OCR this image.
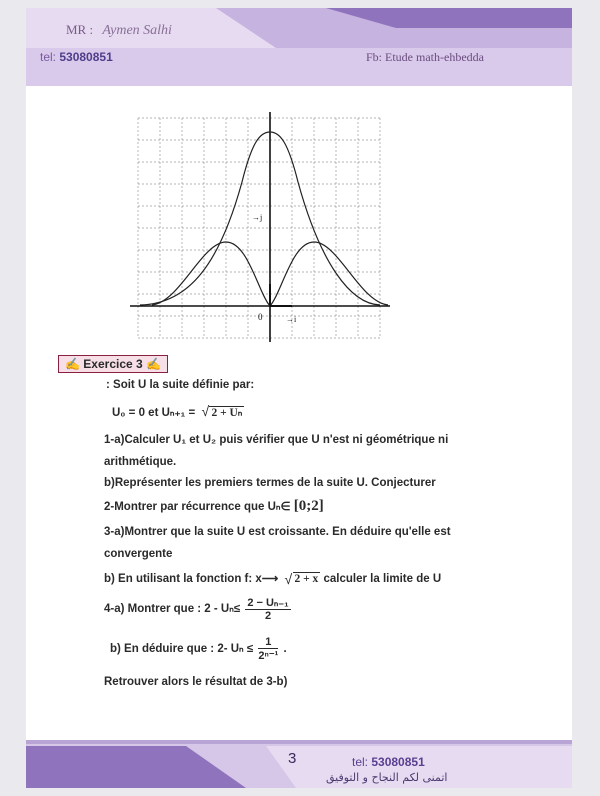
MR : Aymen Salhi
tel: 53080851	Fb: Etude math-ehbedda
0	→i
→j
✍ Exercice 3 ✍
: Soit U la suite définie par:
U₀ = 0 et Uₙ₊₁ = √ 2 + Uₙ
1-a)Calculer U₁ et U₂ puis vérifier que U n'est ni géométrique ni
arithmétique.
b)Représenter les premiers termes de la suite U. Conjecturer
2-Montrer par récurrence que Uₙ∈ [0;2]
3-a)Montrer que la suite U est croissante. En déduire qu'elle est
convergente
b) En utilisant la fonction f: x⟶ √ 2 + x calculer la limite de U
4-a) Montrer que : $2 - U_n\le \frac{\text{2 − Uₙ₋₁}}{2}$
b) En déduire que : 2- $U_n \le \frac{1}{\text{2ⁿ⁻¹}}$ .
Retrouver alors le résultat de 3-b)
3	tel: 53080851
اتمنى لكم النجاح و التوفيق
